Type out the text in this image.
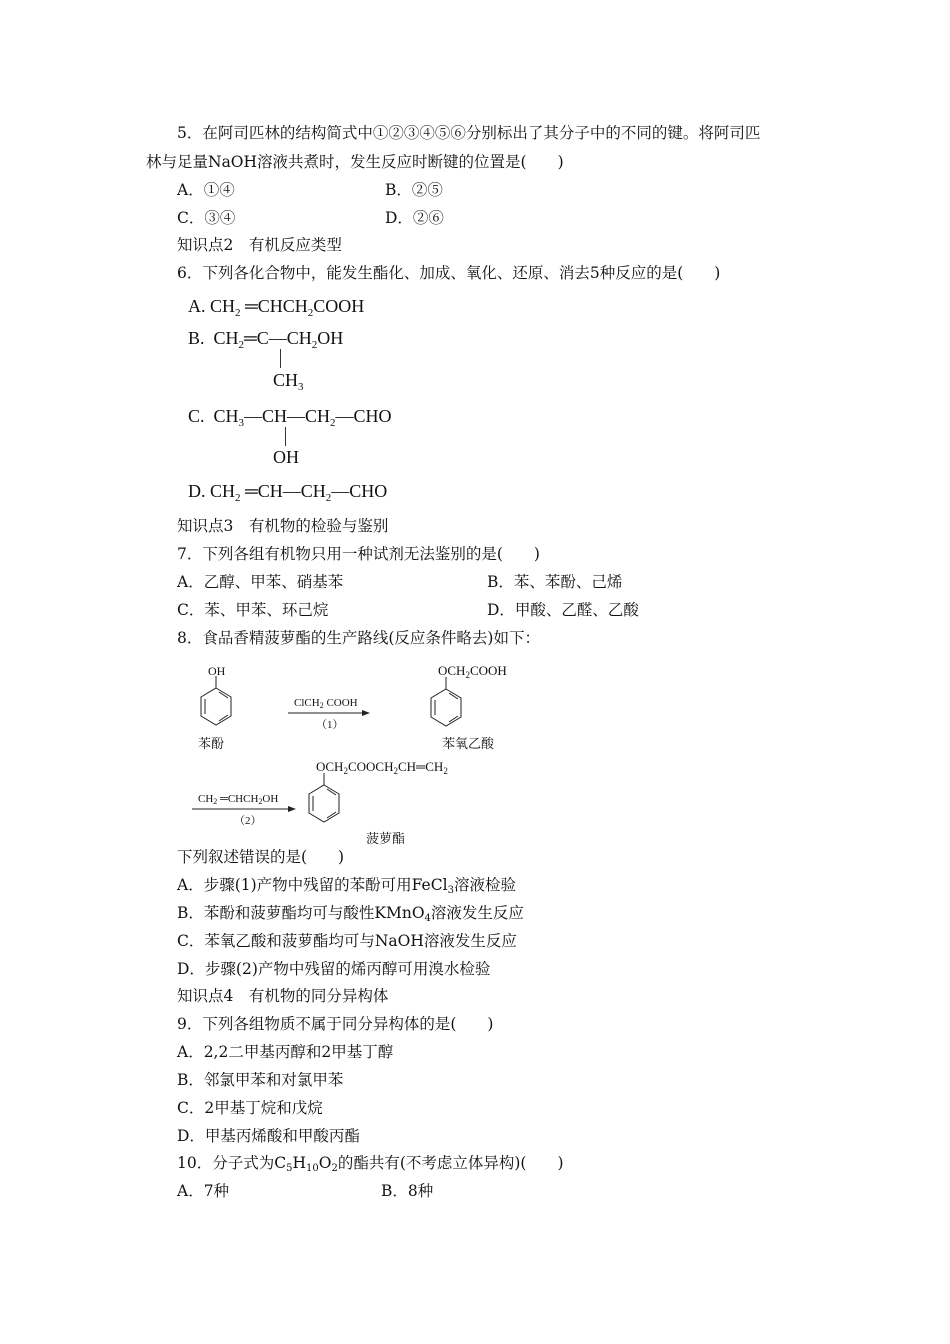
5．在阿司匹林的结构简式中①②③④⑤⑥分别标出了其分子中的不同的键。将阿司匹
林与足量NaOH溶液共煮时，发生反应时断键的位置是(　　)
A．①④	B．②⑤
C．③④	D．②⑥
知识点2　有机反应类型
6．下列各化合物中，能发生酯化、加成、氧化、还原、消去5种反应的是(　　)
A. $CH_2$ $═CHCH_2COOH$
B. $CH_2═C—CH_2OH$
$CH_3$
C. $CH_3—CH—CH_2—CHO$
OH
D. $CH_2$ $═CH—CH_2—CHO$
知识点3　有机物的检验与鉴别
7．下列各组有机物只用一种试剂无法鉴别的是(　　)
A．乙醇、甲苯、硝基苯	B．苯、苯酚、己烯
C．苯、甲苯、环己烷	D．甲酸、乙醛、乙酸
8．食品香精菠萝酯的生产路线(反应条件略去)如下：
OH
苯酚
ClCH$_2$ COOH
（1）
$OCH_2COOH$
苯氧乙酸
$OCH_2COOCH_2CH═CH_2$
$CH_2$ $═CHCH_2OH$
（2）
菠萝酯
下列叙述错误的是(　　)
A．步骤(1)产物中残留的苯酚可用FeCl$_3$溶液检验
B．苯酚和菠萝酯均可与酸性KMnO$_4$溶液发生反应
C．苯氧乙酸和菠萝酯均可与NaOH溶液发生反应
D．步骤(2)产物中残留的烯丙醇可用溴水检验
知识点4　有机物的同分异构体
9．下列各组物质不属于同分异构体的是(　　)
A．2,2二甲基丙醇和2甲基丁醇
B．邻氯甲苯和对氯甲苯
C．2甲基丁烷和戊烷
D．甲基丙烯酸和甲酸丙酯
10．分子式为$C_5H_{10}O_2$的酯共有(不考虑立体异构)(　　)
A．7种	B．8种
